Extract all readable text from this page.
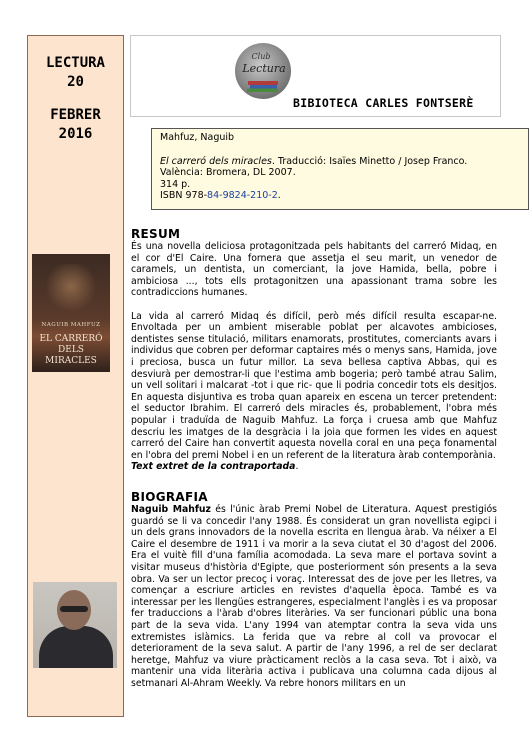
LECTURA
20
FEBRER
2016
NAGUIB MAHFUZ
EL CARRERÓ
DELS
MIRACLES
Club
Lectura
BIBIOTECA CARLES FONTSERÈ
Mahfuz, Naguib
El carreró dels miracles. Traducció: Isaïes Minetto / Josep Franco.
València: Bromera, DL 2007.
314 p.
ISBN 978-84-9824-210-2.
RESUM

És una novella deliciosa protagonitzada pels habitants del carreró Midaq, en el cor d'El Caire. Una fornera que assetja el seu marit, un venedor de caramels, un dentista, un comerciant, la jove Hamida, bella, pobre i ambiciosa ..., tots ells protagonitzen una apassionant trama sobre les contradiccions humanes.

La vida al carreró Midaq és difícil, però més difícil resulta escapar-ne. Envoltada per un ambient miserable poblat per alcavotes ambicioses, dentistes sense titulació, militars enamorats, prostitutes, comerciants avars i individus que cobren per deformar captaires més o menys sans, Hamida, jove i preciosa, busca un futur millor. La seva bellesa captiva Abbas, qui es desviurà per demostrar-li que l'estima amb bogeria; però també atrau Salim, un vell solitari i malcarat -tot i que ric- que li podria concedir tots els desitjos. En aquesta disjuntiva es troba quan apareix en escena un tercer pretendent: el seductor Ibrahim. El carreró dels miracles és, probablement, l'obra més popular i traduïda de Naguib Mahfuz. La força i cruesa amb que Mahfuz descriu les imatges de la desgràcia i la joia que formen les vides en aquest carreró del Caire han convertit aquesta novella coral en una peça fonamental en l'obra del premi Nobel i en un referent de la literatura àrab contemporània.

Text extret de la contraportada.

BIOGRAFIA

Naguib Mahfuz és l'únic àrab Premi Nobel de Literatura. Aquest prestigiós guardó se li va concedir l'any 1988. És considerat un gran novellista egipci i un dels grans innovadors de la novella escrita en llengua àrab. Va néixer a El Caire el desembre de 1911 i va morir a la seva ciutat el 30 d'agost del 2006. Era el vuitè fill d'una família acomodada. La seva mare el portava sovint a visitar museus d'història d'Egipte, que posteriorment són presents a la seva obra. Va ser un lector precoç i voraç. Interessat des de jove per les lletres, va començar a escriure articles en revistes d'aquella època. També es va interessar per les llengües estrangeres, especialment l'anglès i es va proposar fer traduccions a l'àrab d'obres literàries. Va ser funcionari públic una bona part de la seva vida. L'any 1994 van atemptar contra la seva vida uns extremistes islàmics. La ferida que va rebre al coll va provocar el deteriorament de la seva salut. A partir de l'any 1996, a rel de ser declarat heretge, Mahfuz va viure pràcticament reclòs a la casa seva. Tot i això, va mantenir una vida literària activa i publicava una columna cada dijous al setmanari Al-Ahram Weekly. Va rebre honors militars en un
